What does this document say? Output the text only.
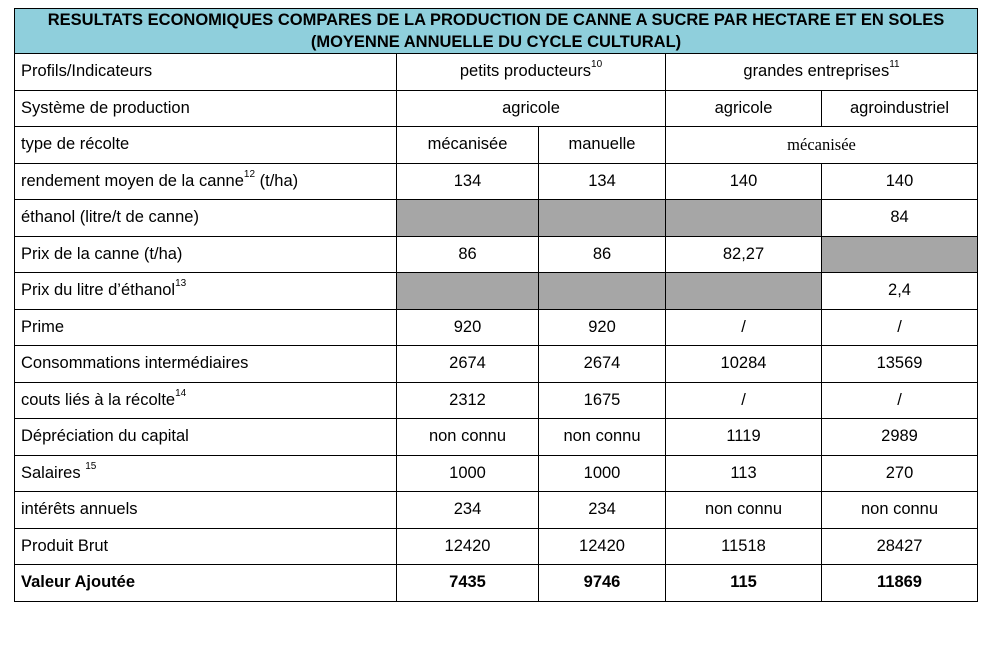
RESULTATS ECONOMIQUES COMPARES DE LA PRODUCTION DE CANNE A SUCRE PAR HECTARE ET EN SOLES
(MOYENNE ANNUELLE DU CYCLE CULTURAL)				
Profils/Indicateurs	petits producteurs$^{10}$		grandes entreprises$^{11}$
Système de production	agricole		agricole	agroindustriel
type de récolte	mécanisée	manuelle	mécanisée	
rendement moyen de la canne$^{12}$ (t/ha)	134	134	140	140
éthanol (litre/t de canne)				84
Prix de la canne (t/ha)	86	86	82,27	
Prix du litre d’éthanol$^{13}$				2,4
Prime	920	920	/	/
Consommations intermédiaires	2674	2674	10284	13569
couts liés à la récolte$^{14}$	2312	1675	/	/
Dépréciation du capital	non connu	non connu	1119	2989
Salaires $^{15}$	1000	1000	113	270
intérêts annuels	234	234	non connu	non connu
Produit Brut	12420	12420	11518	28427
Valeur Ajoutée	7435	9746	115	11869
